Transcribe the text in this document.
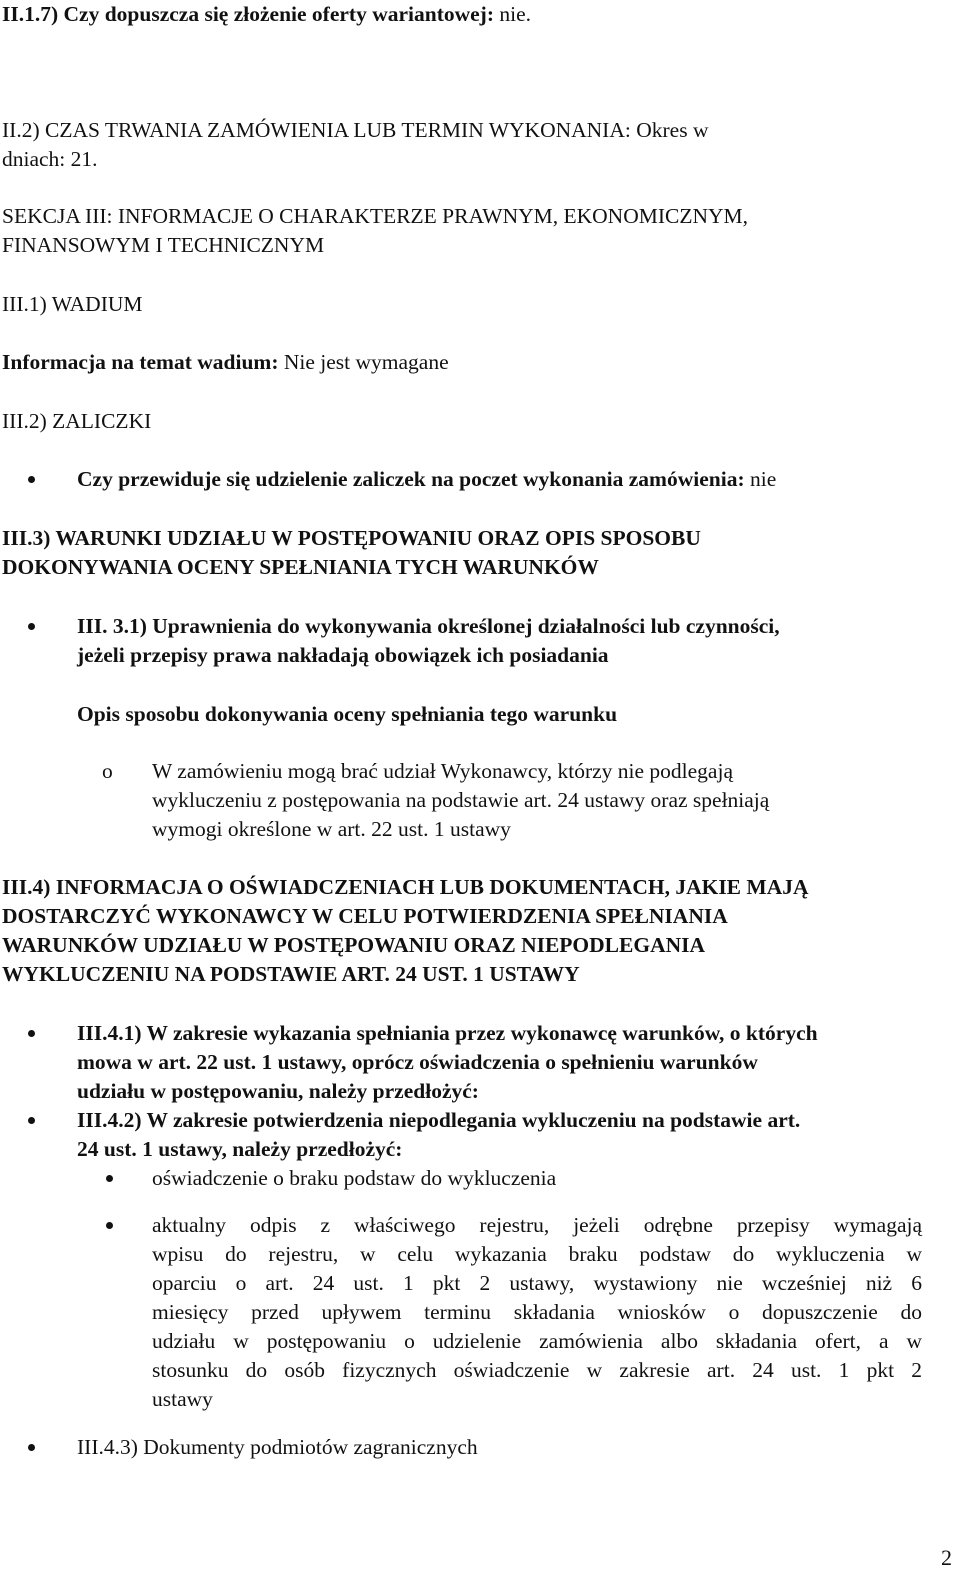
II.1.7) Czy dopuszcza się złożenie oferty wariantowej: nie.
II.2) CZAS TRWANIA ZAMÓWIENIA LUB TERMIN WYKONANIA: Okres w
dniach: 21.
SEKCJA III: INFORMACJE O CHARAKTERZE PRAWNYM, EKONOMICZNYM,
FINANSOWYM I TECHNICZNYM
III.1) WADIUM
Informacja na temat wadium: Nie jest wymagane
III.2) ZALICZKI
Czy przewiduje się udzielenie zaliczek na poczet wykonania zamówienia: nie
III.3) WARUNKI UDZIAŁU W POSTĘPOWANIU ORAZ OPIS SPOSOBU
DOKONYWANIA OCENY SPEŁNIANIA TYCH WARUNKÓW
III. 3.1) Uprawnienia do wykonywania określonej działalności lub czynności,
jeżeli przepisy prawa nakładają obowiązek ich posiadania
Opis sposobu dokonywania oceny spełniania tego warunku
o W zamówieniu mogą brać udział Wykonawcy, którzy nie podlegają
wykluczeniu z postępowania na podstawie art. 24 ustawy oraz spełniają
wymogi określone w art. 22 ust. 1 ustawy
III.4) INFORMACJA O OŚWIADCZENIACH LUB DOKUMENTACH, JAKIE MAJĄ
DOSTARCZYĆ WYKONAWCY W CELU POTWIERDZENIA SPEŁNIANIA
WARUNKÓW UDZIAŁU W POSTĘPOWANIU ORAZ NIEPODLEGANIA
WYKLUCZENIU NA PODSTAWIE ART. 24 UST. 1 USTAWY
III.4.1) W zakresie wykazania spełniania przez wykonawcę warunków, o których
mowa w art. 22 ust. 1 ustawy, oprócz oświadczenia o spełnieniu warunków
udziału w postępowaniu, należy przedłożyć:
III.4.2) W zakresie potwierdzenia niepodlegania wykluczeniu na podstawie art.
24 ust. 1 ustawy, należy przedłożyć:
oświadczenie o braku podstaw do wykluczenia
aktualny odpis z właściwego rejestru, jeżeli odrębne przepisy wymagają
wpisu do rejestru, w celu wykazania braku podstaw do wykluczenia w
oparciu o art. 24 ust. 1 pkt 2 ustawy, wystawiony nie wcześniej niż 6
miesięcy przed upływem terminu składania wniosków o dopuszczenie do
udziału w postępowaniu o udzielenie zamówienia albo składania ofert, a w
stosunku do osób fizycznych oświadczenie w zakresie art. 24 ust. 1 pkt 2
ustawy
III.4.3) Dokumenty podmiotów zagranicznych
2
